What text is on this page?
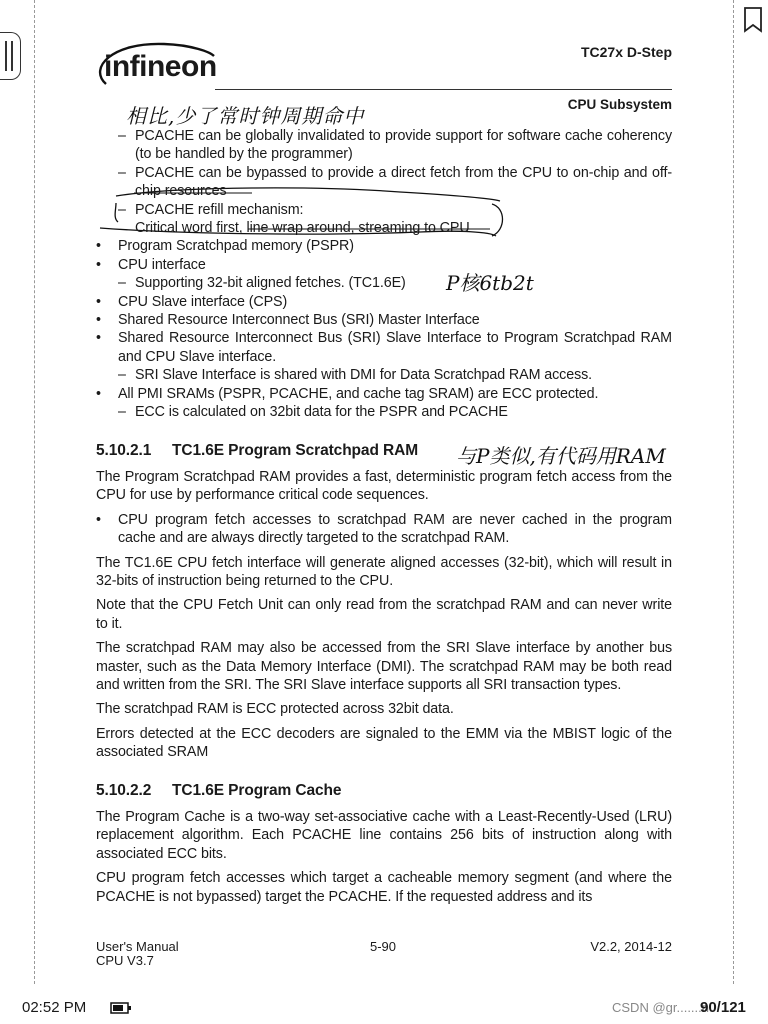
infineon	TC27x D-Step
CPU Subsystem
相比,少了常时钟周期命中
P核6tb2t
– PCACHE can be globally invalidated to provide support for software cache coherency (to be handled by the programmer)
– PCACHE can be bypassed to provide a direct fetch from the CPU to on-chip and off-chip resources
– PCACHE refill mechanism:
Critical word first, line wrap around, streaming to CPU
• Program Scratchpad memory (PSPR)
• CPU interface
– Supporting 32-bit aligned fetches. (TC1.6E)
• CPU Slave interface (CPS)
• Shared Resource Interconnect Bus (SRI) Master Interface
• Shared Resource Interconnect Bus (SRI) Slave Interface to Program Scratchpad RAM and CPU Slave interface.
– SRI Slave Interface is shared with DMI for Data Scratchpad RAM access.
• All PMI SRAMs (PSPR, PCACHE, and cache tag SRAM) are ECC protected.
– ECC is calculated on 32bit data for the PSPR and PCACHE
5.10.2.1 TC1.6E Program Scratchpad RAM
The Program Scratchpad RAM provides a fast, deterministic program fetch access from the CPU for use by performance critical code sequences.
• CPU program fetch accesses to scratchpad RAM are never cached in the program cache and are always directly targeted to the scratchpad RAM.
The TC1.6E CPU fetch interface will generate aligned accesses (32-bit), which will result in 32-bits of instruction being returned to the CPU.
Note that the CPU Fetch Unit can only read from the scratchpad RAM and can never write to it.
The scratchpad RAM may also be accessed from the SRI Slave interface by another bus master, such as the Data Memory Interface (DMI). The scratchpad RAM may be both read and written from the SRI. The SRI Slave interface supports all SRI transaction types.
The scratchpad RAM is ECC protected across 32bit data.
Errors detected at the ECC decoders are signaled to the EMM via the MBIST logic of the associated SRAM
5.10.2.2 TC1.6E Program Cache
The Program Cache is a two-way set-associative cache with a Least-Recently-Used (LRU) replacement algorithm. Each PCACHE line contains 256 bits of instruction along with associated ECC bits.
CPU program fetch accesses which target a cacheable memory segment (and where the PCACHE is not bypassed) target the PCACHE. If the requested address and its
与P类似,有代码用RAM
User's Manual
CPU V3.7
5-90	V2.2, 2014-12
02:52 PM	CSDN @gr.......n
90/121
